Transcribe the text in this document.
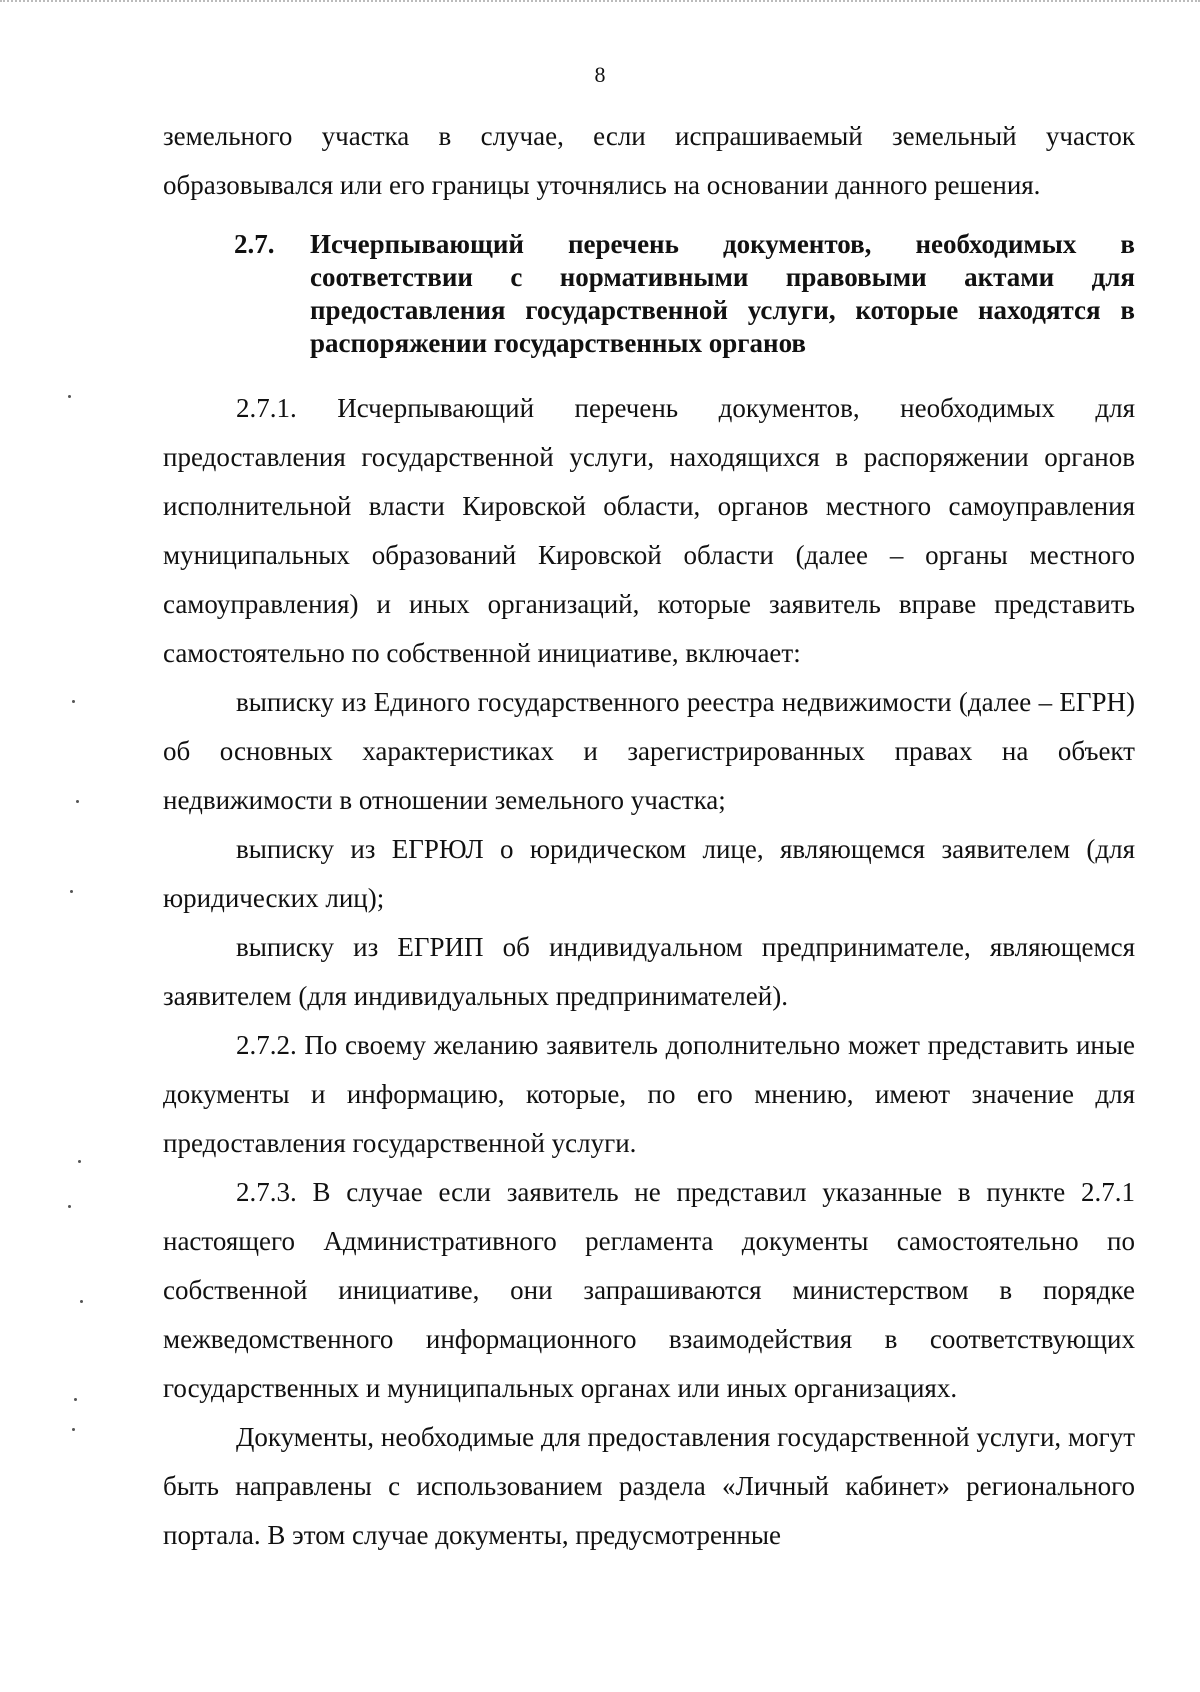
8

земельного участка в случае, если испрашиваемый земельный участок образовывался или его границы уточнялись на основании данного решения.

2.7.	Исчерпывающий перечень документов, необходимых в соответствии с нормативными правовыми актами для предоставления государственной услуги, которые находятся в распоряжении государственных органов

2.7.1. Исчерпывающий перечень документов, необходимых для предоставления государственной услуги, находящихся в распоряжении органов исполнительной власти Кировской области, органов местного самоуправления муниципальных образований Кировской области (далее – органы местного самоуправления) и иных организаций, которые заявитель вправе представить самостоятельно по собственной инициативе, включает:

выписку из Единого государственного реестра недвижимости (далее – ЕГРН) об основных характеристиках и зарегистрированных правах на объект недвижимости в отношении земельного участка;

выписку из ЕГРЮЛ о юридическом лице, являющемся заявителем (для юридических лиц);

выписку из ЕГРИП об индивидуальном предпринимателе, являющемся заявителем (для индивидуальных предпринимателей).

2.7.2. По своему желанию заявитель дополнительно может представить иные документы и информацию, которые, по его мнению, имеют значение для предоставления государственной услуги.

2.7.3. В случае если заявитель не представил указанные в пункте 2.7.1 настоящего Административного регламента документы самостоятельно по собственной инициативе, они запрашиваются министерством в порядке межведомственного информационного взаимодействия в соответствующих государственных и муниципальных органах или иных организациях.

Документы, необходимые для предоставления государственной услуги, могут быть направлены с использованием раздела «Личный кабинет» регионального портала. В этом случае документы, предусмотренные
